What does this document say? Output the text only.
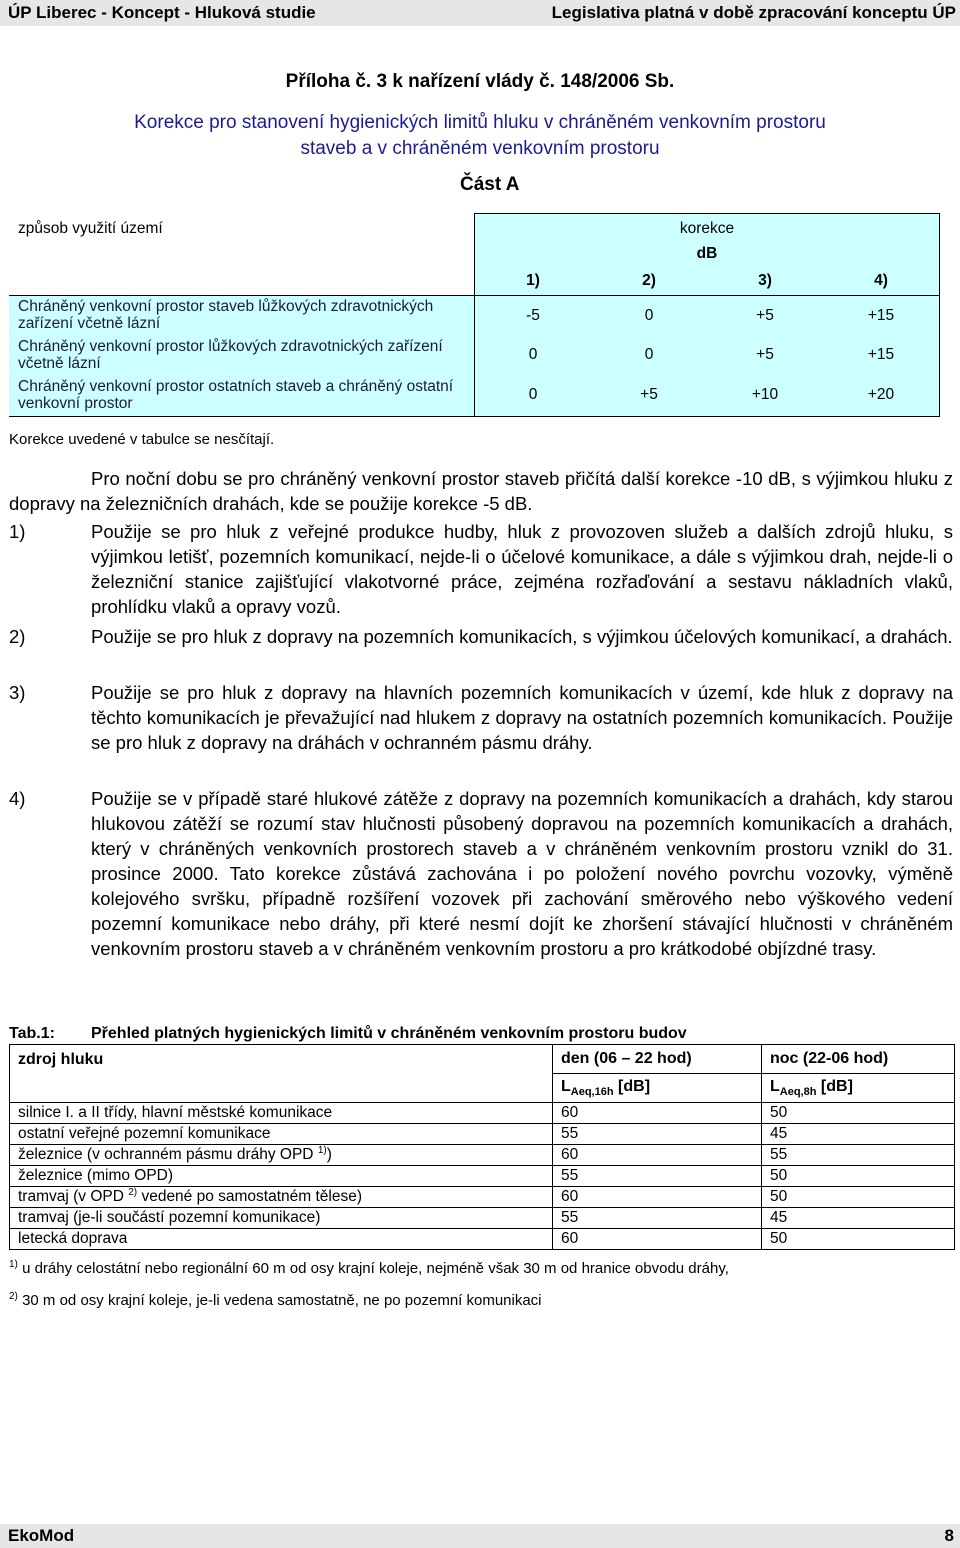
ÚP Liberec - Koncept - Hluková studie	Legislativa platná v době zpracování konceptu ÚP
Příloha č. 3 k nařízení vlády č. 148/2006 Sb.
Korekce pro stanovení hygienických limitů hluku v chráněném venkovním prostoru
staveb a v chráněném venkovním prostoru
Část A
způsob využití území	korekce			
	dB			
	1)	2)	3)	4)
Chráněný venkovní prostor staveb lůžkových zdravotnických zařízení včetně lázní	-5	0	+5	+15
Chráněný venkovní prostor lůžkových zdravotnických zařízení včetně lázní	0	0	+5	+15
Chráněný venkovní prostor ostatních staveb a chráněný ostatní venkovní prostor	0	+5	+10	+20
Korekce uvedené v tabulce se nesčítají.
Pro noční dobu se pro chráněný venkovní prostor staveb přičítá další korekce -10 dB, s výjimkou hluku z dopravy na železničních drahách, kde se použije korekce -5 dB.
1)	Použije se pro hluk z veřejné produkce hudby, hluk z provozoven služeb a dalších zdrojů hluku, s výjimkou letišť, pozemních komunikací, nejde-li o účelové komunikace, a dále s výjimkou drah, nejde-li o železniční stanice zajišťující vlakotvorné práce, zejména rozřaďování a sestavu nákladních vlaků, prohlídku vlaků a opravy vozů.
2)	Použije se pro hluk z dopravy na pozemních komunikacích, s výjimkou účelových komunikací, a drahách.
3)	Použije se pro hluk z dopravy na hlavních pozemních komunikacích v území, kde hluk z dopravy na těchto komunikacích je převažující nad hlukem z dopravy na ostatních pozemních komunikacích. Použije se pro hluk z dopravy na dráhách v ochranném pásmu dráhy.
4)	Použije se v případě staré hlukové zátěže z dopravy na pozemních komunikacích a drahách, kdy starou hlukovou zátěží se rozumí stav hlučnosti působený dopravou na pozemních komunikacích a drahách, který v chráněných venkovních prostorech staveb a v chráněném venkovním prostoru vznikl do 31. prosince 2000. Tato korekce zůstává zachována i po položení nového povrchu vozovky, výměně kolejového svršku, případně rozšíření vozovek při zachování směrového nebo výškového vedení pozemní komunikace nebo dráhy, při které nesmí dojít ke zhoršení stávající hlučnosti v chráněném venkovním prostoru staveb a v chráněném venkovním prostoru a pro krátkodobé objízdné trasy.
Tab.1: Přehled platných hygienických limitů v chráněném venkovním prostoru budov
zdroj hluku	den (06 – 22 hod)	noc (22-06 hod)
	$L_{Aeq,16h}$ [dB]	$L_{Aeq,8h}$ [dB]
silnice I. a II třídy, hlavní městské komunikace	60	50
ostatní veřejné pozemní komunikace	55	45
železnice (v ochranném pásmu dráhy OPD $^{1)}$)	60	55
železnice (mimo OPD)	55	50
tramvaj (v OPD $^{2)}$ vedené po samostatném tělese)	60	50
tramvaj (je-li součástí pozemní komunikace)	55	45
letecká doprava	60	50
$^{1)}$ u dráhy celostátní nebo regionální 60 m od osy krajní koleje, nejméně však 30 m od hranice obvodu dráhy,
$^{2)}$ 30 m od osy krajní koleje, je-li vedena samostatně, ne po pozemní komunikaci
EkoMod	8
